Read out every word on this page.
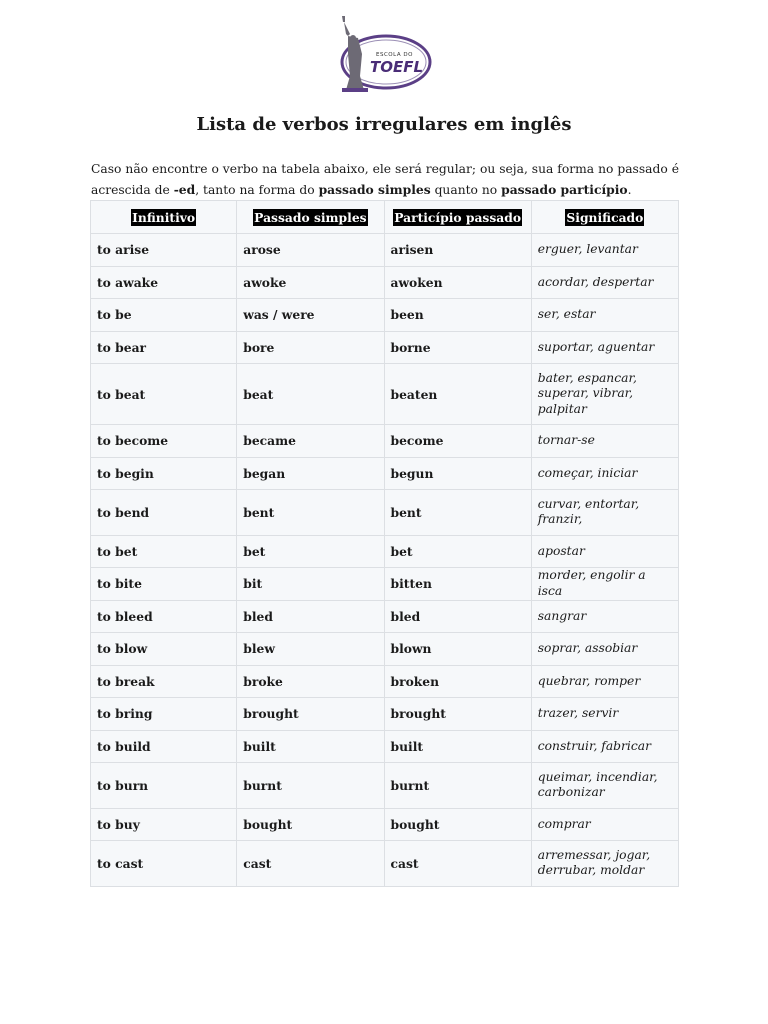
ESCOLA DO
TOEFL
Lista de verbos irregulares em inglês
Caso não encontre o verbo na tabela abaixo, ele será regular; ou seja, sua forma no passado é acrescida de -ed, tanto na forma do passado simples quanto no passado particípio.
Infinitivo	Passado simples	Particípio passado	Significado
to arise	arose	arisen	erguer, levantar
to awake	awoke	awoken	acordar, despertar
to be	was / were	been	ser, estar
to bear	bore	borne	suportar, aguentar
to beat	beat	beaten	bater, espancar, superar, vibrar, palpitar
to become	became	become	tornar-se
to begin	began	begun	começar, iniciar
to bend	bent	bent	curvar, entortar, franzir,
to bet	bet	bet	apostar
to bite	bit	bitten	morder, engolir a isca
to bleed	bled	bled	sangrar
to blow	blew	blown	soprar, assobiar
to break	broke	broken	quebrar, romper
to bring	brought	brought	trazer, servir
to build	built	built	construir, fabricar
to burn	burnt	burnt	queimar, incendiar, carbonizar
to buy	bought	bought	comprar
to cast	cast	cast	arremessar, jogar, derrubar, moldar
